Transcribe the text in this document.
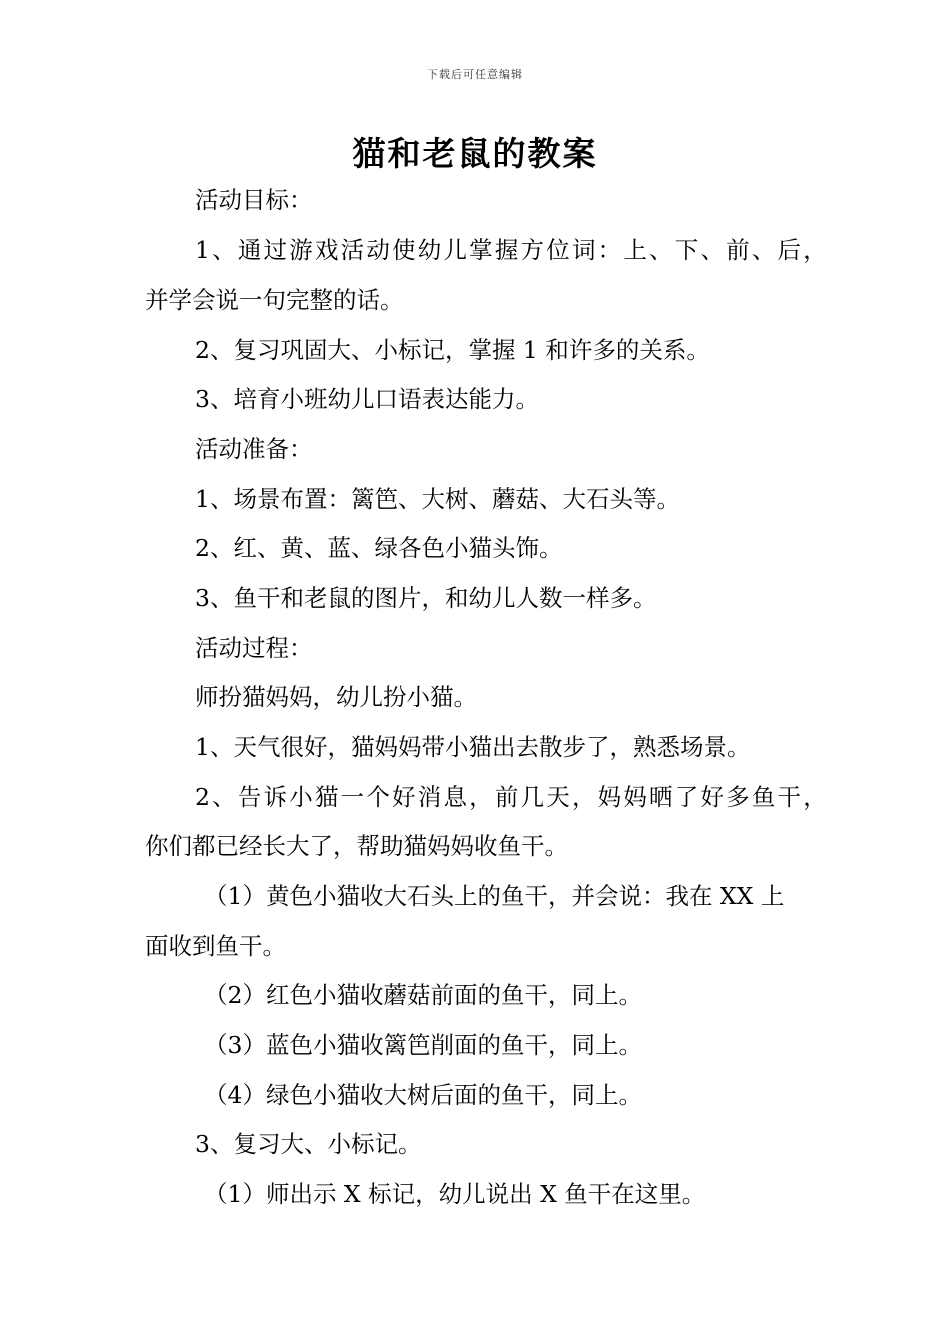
下载后可任意编辑
猫和老鼠的教案

活动目标：

1、通过游戏活动使幼儿掌握方位词：上、下、前、后，

并学会说一句完整的话。

2、复习巩固大、小标记，掌握 1 和许多的关系。

3、培育小班幼儿口语表达能力。

活动准备：

1、场景布置：篱笆、大树、蘑菇、大石头等。

2、红、黄、蓝、绿各色小猫头饰。

3、鱼干和老鼠的图片，和幼儿人数一样多。

活动过程：

师扮猫妈妈，幼儿扮小猫。

1、天气很好，猫妈妈带小猫出去散步了，熟悉场景。

2、告诉小猫一个好消息，前几天，妈妈晒了好多鱼干，

你们都已经长大了，帮助猫妈妈收鱼干。

（1）黄色小猫收大石头上的鱼干，并会说：我在 XX 上

面收到鱼干。

（2）红色小猫收蘑菇前面的鱼干，同上。

（3）蓝色小猫收篱笆削面的鱼干，同上。

（4）绿色小猫收大树后面的鱼干，同上。

3、复习大、小标记。

（1）师出示 X 标记，幼儿说出 X 鱼干在这里。
